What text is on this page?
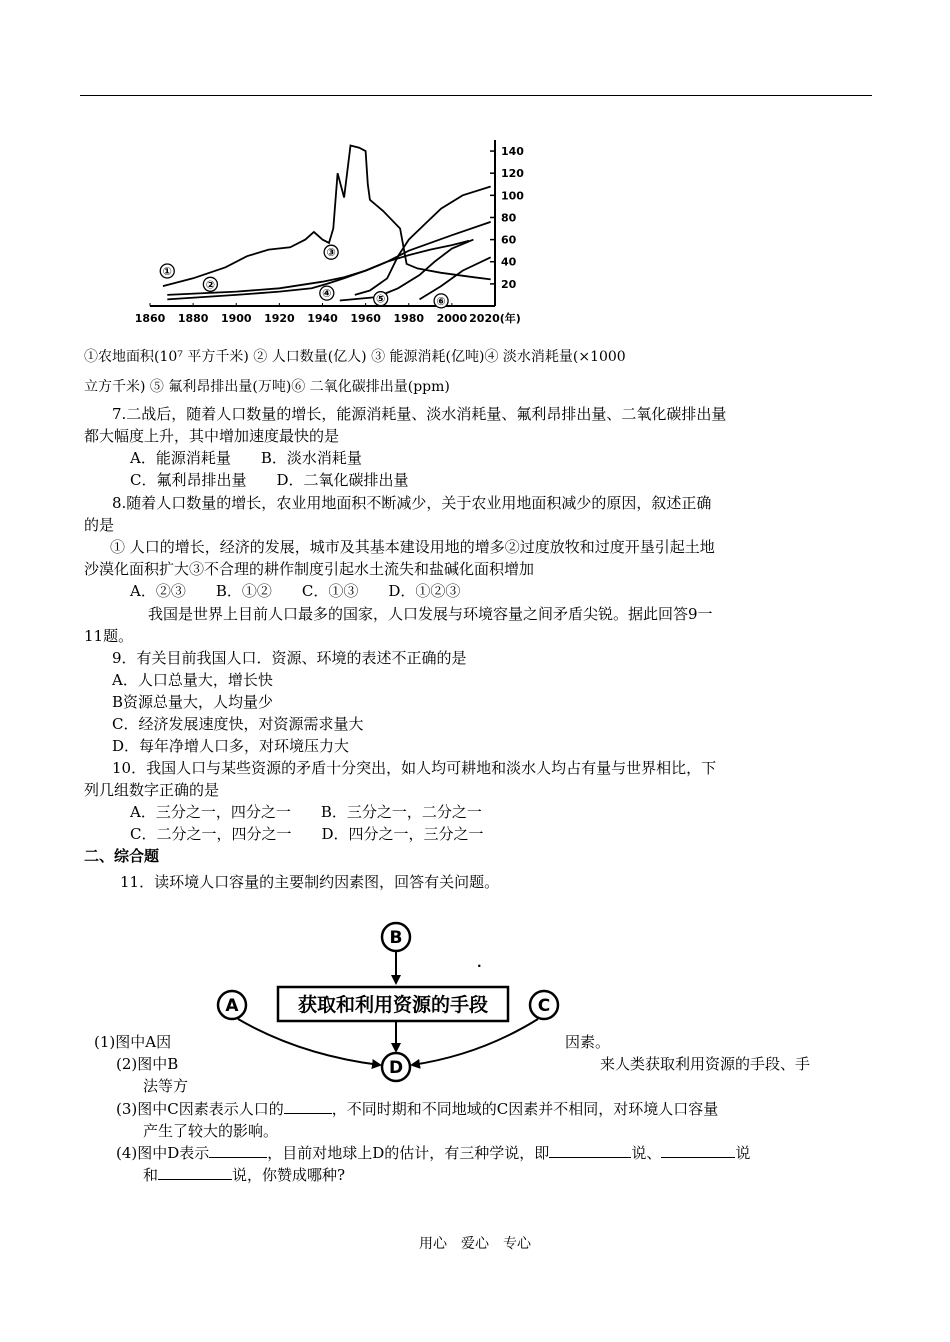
140
120
100
80
60
40
20
1860 1880 1900 1920 1940 1960 1980 2000 2020(年)
①
②
③
④	⑤	⑥
①农地面积(10⁷ 平方千米) ② 人口数量(亿人) ③ 能源消耗(亿吨)④ 淡水消耗量(×1000
立方千米) ⑤ 氟利昂排出量(万吨)⑥ 二氧化碳排出量(ppm)
7.二战后，随着人口数量的增长，能源消耗量、淡水消耗量、氟利昂排出量、二氧化碳排出量
都大幅度上升，其中增加速度最快的是
A．能源消耗量　　B．淡水消耗量
C．氟利昂排出量　　D．二氧化碳排出量
8.随着人口数量的增长，农业用地面积不断减少，关于农业用地面积减少的原因，叙述正确
的是
① 人口的增长，经济的发展，城市及其基本建设用地的增多②过度放牧和过度开垦引起土地
沙漠化面积扩大③不合理的耕作制度引起水土流失和盐碱化面积增加
A．②③　　B．①②　　C．①③　　D．①②③
我国是世界上目前人口最多的国家，人口发展与环境容量之间矛盾尖锐。据此回答9一
11题。
9．有关目前我国人口．资源、环境的表述不正确的是
A．人口总量大，增长快
B资源总量大，人均量少
C．经济发展速度快，对资源需求量大
D．每年净增人口多，对环境压力大
10．我国人口与某些资源的矛盾十分突出，如人均可耕地和淡水人均占有量与世界相比，下
列几组数字正确的是
A．三分之一，四分之一　　B．三分之一，二分之一
C．二分之一，四分之一　　D．四分之一，三分之一
二、综合题
11．读环境人口容量的主要制约因素图，回答有关问题。
B
·
获取和利用资源的手段
A	C
D
(1)图中A因	因素。
(2)图中B	来人类获取利用资源的手段、手
法等方
(3)图中C因素表示人口的	，不同时期和不同地域的C因素并不相同，对环境人口容量
产生了较大的影响。
(4)图中D表示	，目前对地球上D的估计，有三种学说，即	说、	说
和	说，你赞成哪种?
用心　爱心　专心
